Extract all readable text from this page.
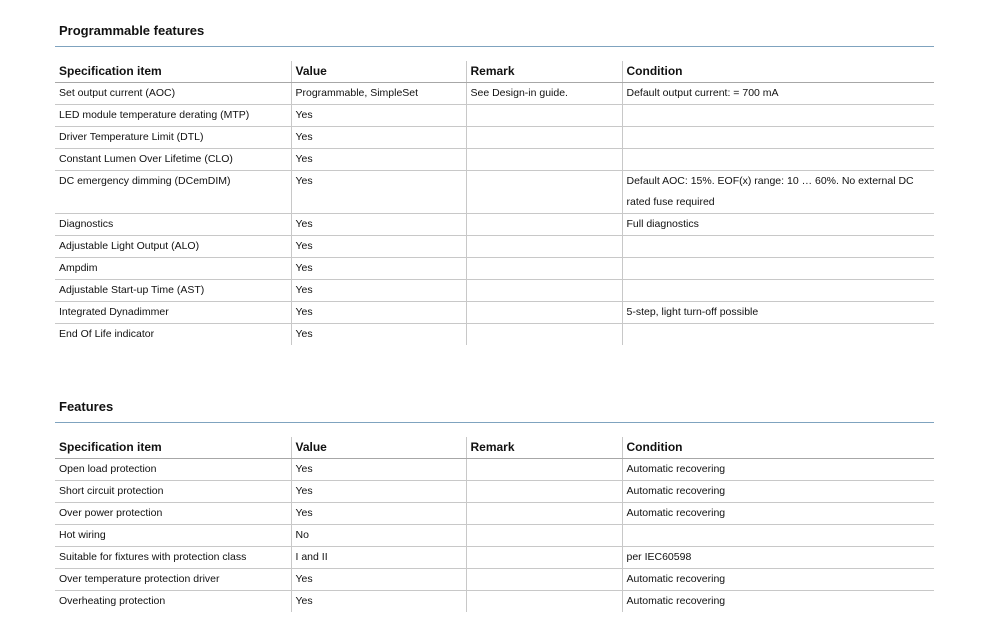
Programmable features
Specification item	Value	Remark	Condition
Set output current (AOC)	Programmable, SimpleSet	See Design-in guide.	Default output current: = 700 mA
LED module temperature derating (MTP)	Yes		
Driver Temperature Limit (DTL)	Yes		
Constant Lumen Over Lifetime (CLO)	Yes		
DC emergency dimming (DCemDIM)	Yes		Default AOC: 15%. EOF(x) range: 10 … 60%. No external DC rated fuse required
Diagnostics	Yes		Full diagnostics
Adjustable Light Output (ALO)	Yes		
Ampdim	Yes		
Adjustable Start-up Time (AST)	Yes		
Integrated Dynadimmer	Yes		5-step, light turn-off possible
End Of Life indicator	Yes		
Features
Specification item	Value	Remark	Condition
Open load protection	Yes		Automatic recovering
Short circuit protection	Yes		Automatic recovering
Over power protection	Yes		Automatic recovering
Hot wiring	No		
Suitable for fixtures with protection class	I and II		per IEC60598
Over temperature protection driver	Yes		Automatic recovering
Overheating protection	Yes		Automatic recovering
